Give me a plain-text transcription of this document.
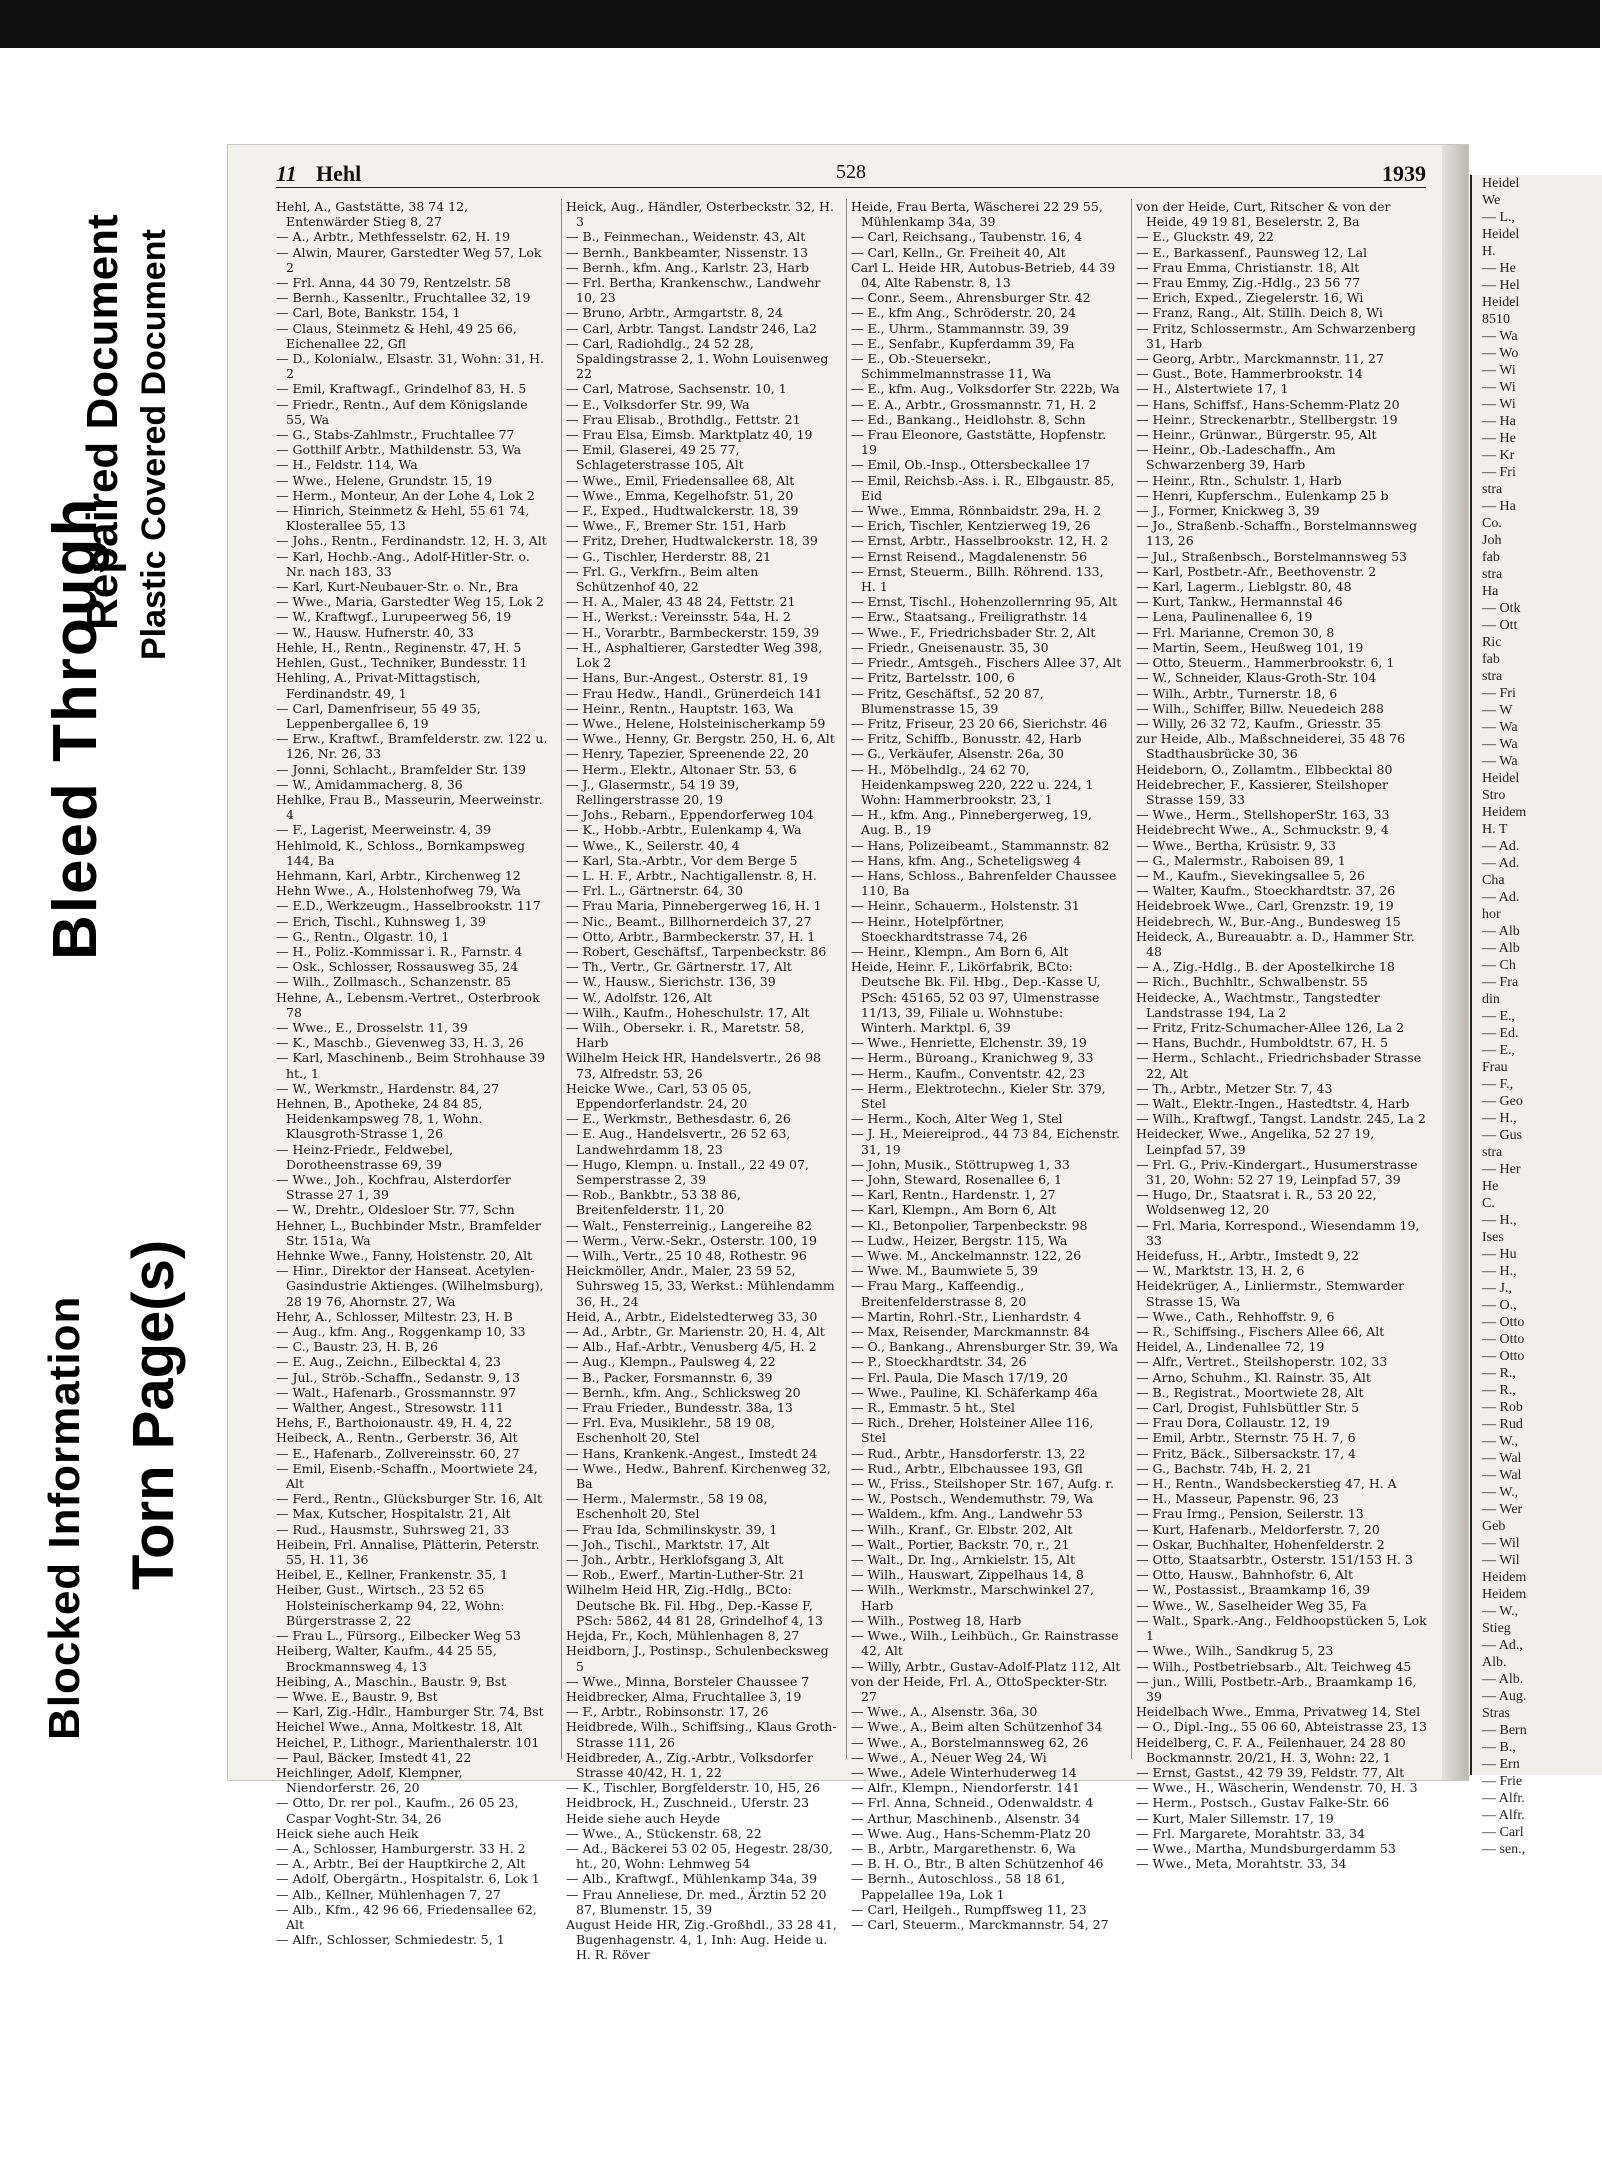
Blocked Information Torn Page(s)
Bleed Through
Repaired Document Plastic Covered Document
11 Hehl	528	1939

Hehl, A., Gaststätte, 38 74 12, Entenwärder Stieg 8, 27

— A., Arbtr., Methfesselstr. 62, H. 19

— Alwin, Maurer, Garstedter Weg 57, Lok 2

— Frl. Anna, 44 30 79, Rentzelstr. 58

— Bernh., Kassenltr., Fruchtallee 32, 19

— Carl, Bote, Bankstr. 154, 1

— Claus, Steinmetz & Hehl, 49 25 66, Eichenallee 22, Gfl

— D., Kolonialw., Elsastr. 31, Wohn: 31, H. 2

— Emil, Kraftwagf., Grindelhof 83, H. 5

— Friedr., Rentn., Auf dem Königslande 55, Wa

— G., Stabs-Zahlmstr., Fruchtallee 77

— Gotthilf Arbtr., Mathildenstr. 53, Wa

— H., Feldstr. 114, Wa

— Wwe., Helene, Grundstr. 15, 19

— Herm., Monteur, An der Lohe 4, Lok 2

— Hinrich, Steinmetz & Hehl, 55 61 74, Klosterallee 55, 13

— Johs., Rentn., Ferdinandstr. 12, H. 3, Alt

— Karl, Hochb.-Ang., Adolf-Hitler-Str. o. Nr. nach 183, 33

— Karl, Kurt-Neubauer-Str. o. Nr., Bra

— Wwe., Maria, Garstedter Weg 15, Lok 2

— W., Kraftwgf., Lurupeerweg 56, 19

— W., Hausw. Hufnerstr. 40, 33

Hehle, H., Rentn., Reginenstr. 47, H. 5

Hehlen, Gust., Techniker, Bundesstr. 11

Hehling, A., Privat-Mittagstisch, Ferdinandstr. 49, 1

— Carl, Damenfriseur, 55 49 35, Leppenbergallee 6, 19

— Erw., Kraftwf., Bramfelderstr. zw. 122 u. 126, Nr. 26, 33

— Jonni, Schlacht., Bramfelder Str. 139

— W., Amidammacherg. 8, 36

Hehlke, Frau B., Masseurin, Meerweinstr. 4

— F., Lagerist, Meerweinstr. 4, 39

Hehlmold, K., Schloss., Bornkampsweg 144, Ba

Hehmann, Karl, Arbtr., Kirchenweg 12

Hehn Wwe., A., Holstenhofweg 79, Wa

— E.D., Werkzeugm., Hasselbrookstr. 117

— Erich, Tischl., Kuhnsweg 1, 39

— G., Rentn., Olgastr. 10, 1

— H., Poliz.-Kommissar i. R., Farnstr. 4

— Osk., Schlosser, Rossausweg 35, 24

— Wilh., Zollmasch., Schanzenstr. 85

Hehne, A., Lebensm.-Vertret., Osterbrook 78

— Wwe., E., Drosselstr. 11, 39

— K., Maschb., Gievenweg 33, H. 3, 26

— Karl, Maschinenb., Beim Strohhause 39 ht., 1

— W., Werkmstr., Hardenstr. 84, 27

Hehnen, B., Apotheke, 24 84 85, Heidenkampsweg 78, 1, Wohn. Klausgroth-Strasse 1, 26

— Heinz-Friedr., Feldwebel, Dorotheenstrasse 69, 39

— Wwe., Joh., Kochfrau, Alsterdorfer Strasse 27 1, 39

— W., Drehtr., Oldesloer Str. 77, Schn

Hehner, L., Buchbinder Mstr., Bramfelder Str. 151a, Wa

Hehnke Wwe., Fanny, Holstenstr. 20, Alt

— Hinr., Direktor der Hanseat. Acetylen-Gasindustrie Aktienges. (Wilhelmsburg), 28 19 76, Ahornstr. 27, Wa

Hehr, A., Schlosser, Miltestr. 23, H. B

— Aug., kfm. Ang., Roggenkamp 10, 33

— C., Baustr. 23, H. B, 26

— E. Aug., Zeichn., Eilbecktal 4, 23

— Jul., Ströb.-Schaffn., Sedanstr. 9, 13

— Walt., Hafenarb., Grossmannstr. 97

— Walther, Angest., Stresowstr. 111

Hehs, F., Barthoionaustr. 49, H. 4, 22

Heibeck, A., Rentn., Gerberstr. 36, Alt

— E., Hafenarb., Zollvereinsstr. 60, 27

— Emil, Eisenb.-Schaffn., Moortwiete 24, Alt

— Ferd., Rentn., Glücksburger Str. 16, Alt

— Max, Kutscher, Hospitalstr. 21, Alt

— Rud., Hausmstr., Suhrsweg 21, 33

Heibein, Frl. Annalise, Plätterin, Peterstr. 55, H. 11, 36

Heibel, E., Kellner, Frankenstr. 35, 1

Heiber, Gust., Wirtsch., 23 52 65 Holsteinischerkamp 94, 22, Wohn: Bürgerstrasse 2, 22

— Frau L., Fürsorg., Eilbecker Weg 53

Heiberg, Walter, Kaufm., 44 25 55, Brockmannsweg 4, 13

Heibing, A., Maschin., Baustr. 9, Bst

— Wwe. E., Baustr. 9, Bst

— Karl, Zig.-Hdlr., Hamburger Str. 74, Bst

Heichel Wwe., Anna, Moltkestr. 18, Alt

Heichel, P., Lithogr., Marienthalerstr. 101

— Paul, Bäcker, Imstedt 41, 22

Heichlinger, Adolf, Klempner, Niendorferstr. 26, 20

— Otto, Dr. rer pol., Kaufm., 26 05 23, Caspar Voght-Str. 34, 26

Heick siehe auch Heik

— A., Schlosser, Hamburgerstr. 33 H. 2

— A., Arbtr., Bei der Hauptkirche 2, Alt

— Adolf, Obergärtn., Hospitalstr. 6, Lok 1

— Alb., Kellner, Mühlenhagen 7, 27

— Alb., Kfm., 42 96 66, Friedensallee 62, Alt

— Alfr., Schlosser, Schmiedestr. 5, 1

Heick, Aug., Händler, Osterbeckstr. 32, H. 3

— B., Feinmechan., Weidenstr. 43, Alt

— Bernh., Bankbeamter, Nissenstr. 13

— Bernh., kfm. Ang., Karlstr. 23, Harb

— Frl. Bertha, Krankenschw., Landwehr 10, 23

— Bruno, Arbtr., Armgartstr. 8, 24

— Carl, Arbtr. Tangst. Landstr 246, La2

— Carl, Radiohdlg., 24 52 28, Spaldingstrasse 2, 1. Wohn Louisenweg 22

— Carl, Matrose, Sachsenstr. 10, 1

— E., Volksdorfer Str. 99, Wa

— Frau Elisab., Brothdlg., Fettstr. 21

— Frau Elsa, Eimsb. Marktplatz 40, 19

— Emil, Glaserei, 49 25 77, Schlageterstrasse 105, Alt

— Wwe., Emil, Friedensallee 68, Alt

— Wwe., Emma, Kegelhofstr. 51, 20

— F., Exped., Hudtwalckerstr. 18, 39

— Wwe., F., Bremer Str. 151, Harb

— Fritz, Dreher, Hudtwalckerstr. 18, 39

— G., Tischler, Herderstr. 88, 21

— Frl. G., Verkfrn., Beim alten Schützenhof 40, 22

— H. A., Maler, 43 48 24, Fettstr. 21

— H., Werkst.: Vereinsstr. 54a, H. 2

— H., Vorarbtr., Barmbeckerstr. 159, 39

— H., Asphaltierer, Garstedter Weg 398, Lok 2

— Hans, Bur.-Angest., Osterstr. 81, 19

— Frau Hedw., Handl., Grünerdeich 141

— Heinr., Rentn., Hauptstr. 163, Wa

— Wwe., Helene, Holsteinischerkamp 59

— Wwe., Henny, Gr. Bergstr. 250, H. 6, Alt

— Henry, Tapezier, Spreenende 22, 20

— Herm., Elektr., Altonaer Str. 53, 6

— J., Glasermstr., 54 19 39, Rellingerstrasse 20, 19

— Johs., Rebarn., Eppendorferweg 104

— K., Hobb.-Arbtr., Eulenkamp 4, Wa

— Wwe., K., Seilerstr. 40, 4

— Karl, Sta.-Arbtr., Vor dem Berge 5

— L. H. F., Arbtr., Nachtigallenstr. 8, H.

— Frl. L., Gärtnerstr. 64, 30

— Frau Maria, Pinnebergerweg 16, H. 1

— Nic., Beamt., Billhornerdeich 37, 27

— Otto, Arbtr., Barmbeckerstr. 37, H. 1

— Robert, Geschäftsf., Tarpenbeckstr. 86

— Th., Vertr., Gr. Gärtnerstr. 17, Alt

— W., Hausw., Sierichstr. 136, 39

— W., Adolfstr. 126, Alt

— Wilh., Kaufm., Hoheschulstr. 17, Alt

— Wilh., Obersekr. i. R., Maretstr. 58, Harb

Wilhelm Heick HR, Handelsvertr., 26 98 73, Alfredstr. 53, 26

Heicke Wwe., Carl, 53 05 05, Eppendorferlandstr. 24, 20

— E., Werkmstr., Bethesdastr. 6, 26

— E. Aug., Handelsvertr., 26 52 63, Landwehrdamm 18, 23

— Hugo, Klempn. u. Install., 22 49 07, Semperstrasse 2, 39

— Rob., Bankbtr., 53 38 86, Breitenfelderstr. 11, 20

— Walt., Fensterreinig., Langereihe 82

— Werm., Verw.-Sekr., Osterstr. 100, 19

— Wilh., Vertr., 25 10 48, Rothestr. 96

Heickmöller, Andr., Maler, 23 59 52, Suhrsweg 15, 33, Werkst.: Mühlendamm 36, H., 24

Heid, A., Arbtr., Eidelstedterweg 33, 30

— Ad., Arbtr., Gr. Marienstr. 20, H. 4, Alt

— Alb., Haf.-Arbtr., Venusberg 4/5, H. 2

— Aug., Klempn., Paulsweg 4, 22

— B., Packer, Forsmannstr. 6, 39

— Bernh., kfm. Ang., Schlicksweg 20

— Frau Frieder., Bundesstr. 38a, 13

— Frl. Eva, Musiklehr., 58 19 08, Eschenholt 20, Stel

— Hans, Krankenk.-Angest., Imstedt 24

— Wwe., Hedw., Bahrenf. Kirchenweg 32, Ba

— Herm., Malermstr., 58 19 08, Eschenholt 20, Stel

— Frau Ida, Schmilinskystr. 39, 1

— Joh., Tischl., Marktstr. 17, Alt

— Joh., Arbtr., Herklofsgang 3, Alt

— Rob., Ewerf., Martin-Luther-Str. 21

Wilhelm Heid HR, Zig.-Hdlg., BCto: Deutsche Bk. Fil. Hbg., Dep.-Kasse F, PSch: 5862, 44 81 28, Grindelhof 4, 13

Hejda, Fr., Koch, Mühlenhagen 8, 27

Heidborn, J., Postinsp., Schulenbecksweg 5

— Wwe., Minna, Borsteler Chaussee 7

Heidbrecker, Alma, Fruchtallee 3, 19

— F., Arbtr., Robinsonstr. 17, 26

Heidbrede, Wilh., Schiffsing., Klaus Groth-Strasse 111, 26

Heidbreder, A., Zig.-Arbtr., Volksdorfer Strasse 40/42, H. 1, 22

— K., Tischler, Borgfelderstr. 10, H5, 26

Heidbrock, H., Zuschneid., Uferstr. 23

Heide siehe auch Heyde

— Wwe., A., Stückenstr. 68, 22

— Ad., Bäckerei 53 02 05, Hegestr. 28/30, ht., 20, Wohn: Lehmweg 54

— Alb., Kraftwgf., Mühlenkamp 34a, 39

— Frau Anneliese, Dr. med., Ärztin 52 20 87, Blumenstr. 15, 39

August Heide HR, Zig.-Großhdl., 33 28 41, Bugenhagenstr. 4, 1, Inh: Aug. Heide u. H. R. Röver

Heide, Frau Berta, Wäscherei 22 29 55, Mühlenkamp 34a, 39

— Carl, Reichsang., Taubenstr. 16, 4

— Carl, Kelln., Gr. Freiheit 40, Alt

Carl L. Heide HR, Autobus-Betrieb, 44 39 04, Alte Rabenstr. 8, 13

— Conr., Seem., Ahrensburger Str. 42

— E., kfm Ang., Schröderstr. 20, 24

— E., Uhrm., Stammannstr. 39, 39

— E., Senfabr., Kupferdamm 39, Fa

— E., Ob.-Steuersekr., Schimmelmannstrasse 11, Wa

— E., kfm. Aug., Volksdorfer Str. 222b, Wa

— E. A., Arbtr., Grossmannstr. 71, H. 2

— Ed., Bankang., Heidlohstr. 8, Schn

— Frau Eleonore, Gaststätte, Hopfenstr. 19

— Emil, Ob.-Insp., Ottersbeckallee 17

— Emil, Reichsb.-Ass. i. R., Elbgaustr. 85, Eid

— Wwe., Emma, Rönnbaidstr. 29a, H. 2

— Erich, Tischler, Kentzierweg 19, 26

— Ernst, Arbtr., Hasselbrookstr. 12, H. 2

— Ernst Reisend., Magdalenenstr. 56

— Ernst, Steuerm., Billh. Röhrend. 133, H. 1

— Ernst, Tischl., Hohenzollernring 95, Alt

— Erw., Staatsang., Freiligrathstr. 14

— Wwe., F., Friedrichsbader Str. 2, Alt

— Friedr., Gneisenaustr. 35, 30

— Friedr., Amtsgeh., Fischers Allee 37, Alt

— Fritz, Bartelsstr. 100, 6

— Fritz, Geschäftsf., 52 20 87, Blumenstrasse 15, 39

— Fritz, Friseur, 23 20 66, Sierichstr. 46

— Fritz, Schiffb., Bonusstr. 42, Harb

— G., Verkäufer, Alsenstr. 26a, 30

— H., Möbelhdlg., 24 62 70, Heidenkampsweg 220, 222 u. 224, 1 Wohn: Hammerbrookstr. 23, 1

— H., kfm. Ang., Pinnebergerweg, 19, Aug. B., 19

— Hans, Polizeibeamt., Stammannstr. 82

— Hans, kfm. Ang., Scheteligsweg 4

— Hans, Schloss., Bahrenfelder Chaussee 110, Ba

— Heinr., Schauerm., Holstenstr. 31

— Heinr., Hotelpförtner, Stoeckhardtstrasse 74, 26

— Heinr., Klempn., Am Born 6, Alt

Heide, Heinr. F., Likörfabrik, BCto: Deutsche Bk. Fil. Hbg., Dep.-Kasse U, PSch: 45165, 52 03 97, Ulmenstrasse 11/13, 39, Filiale u. Wohnstube: Winterh. Marktpl. 6, 39

— Wwe., Henriette, Elchenstr. 39, 19

— Herm., Büroang., Kranichweg 9, 33

— Herm., Kaufm., Conventstr. 42, 23

— Herm., Elektrotechn., Kieler Str. 379, Stel

— Herm., Koch, Alter Weg 1, Stel

— J. H., Meiereiprod., 44 73 84, Eichenstr. 31, 19

— John, Musik., Stöttrupweg 1, 33

— John, Steward, Rosenallee 6, 1

— Karl, Rentn., Hardenstr. 1, 27

— Karl, Klempn., Am Born 6, Alt

— Kl., Betonpolier, Tarpenbeckstr. 98

— Ludw., Heizer, Bergstr. 115, Wa

— Wwe. M., Anckelmannstr. 122, 26

— Wwe. M., Baumwiete 5, 39

— Frau Marg., Kaffeendig., Breitenfelderstrasse 8, 20

— Martin, Rohrl.-Str., Lienhardstr. 4

— Max, Reisender, Marckmannstr. 84

— O., Bankang., Ahrensburger Str. 39, Wa

— P., Stoeckhardtstr. 34, 26

— Frl. Paula, Die Masch 17/19, 20

— Wwe., Pauline, Kl. Schäferkamp 46a

— R., Emmastr. 5 ht., Stel

— Rich., Dreher, Holsteiner Allee 116, Stel

— Rud., Arbtr., Hansdorferstr. 13, 22

— Rud., Arbtr., Elbchaussee 193, Gfl

— W., Friss., Steilshoper Str. 167, Aufg. r.

— W., Postsch., Wendemuthstr. 79, Wa

— Waldem., kfm. Ang., Landwehr 53

— Wilh., Kranf., Gr. Elbstr. 202, Alt

— Walt., Portier, Backstr. 70, r., 21

— Walt., Dr. Ing., Arnkielstr. 15, Alt

— Wilh., Hauswart, Zippelhaus 14, 8

— Wilh., Werkmstr., Marschwinkel 27, Harb

— Wilh., Postweg 18, Harb

— Wwe., Wilh., Leihbüch., Gr. Rainstrasse 42, Alt

— Willy, Arbtr., Gustav-Adolf-Platz 112, Alt

von der Heide, Frl. A., OttoSpeckter-Str. 27

— Wwe., A., Alsenstr. 36a, 30

— Wwe., A., Beim alten Schützenhof 34

— Wwe., A., Borstelmannsweg 62, 26

— Wwe., A., Neuer Weg 24, Wi

— Wwe., Adele Winterhuderweg 14

— Alfr., Klempn., Niendorferstr. 141

— Frl. Anna, Schneid., Odenwaldstr. 4

— Arthur, Maschinenb., Alsenstr. 34

— Wwe. Aug., Hans-Schemm-Platz 20

— B., Arbtr., Margarethenstr. 6, Wa

— B. H. O., Btr., B alten Schützenhof 46

— Bernh., Autoschloss., 58 18 61, Pappelallee 19a, Lok 1

— Carl, Heilgeh., Rumpffsweg 11, 23

— Carl, Steuerm., Marckmannstr. 54, 27

von der Heide, Curt, Ritscher & von der Heide, 49 19 81, Beselerstr. 2, Ba

— E., Gluckstr. 49, 22

— E., Barkassenf., Paunsweg 12, Lal

— Frau Emma, Christianstr. 18, Alt

— Frau Emmy, Zig.-Hdlg., 23 56 77

— Erich, Exped., Ziegelerstr. 16, Wi

— Franz, Rang., Alt. Stillh. Deich 8, Wi

— Fritz, Schlossermstr., Am Schwarzenberg 31, Harb

— Georg, Arbtr., Marckmannstr. 11, 27

— Gust., Bote. Hammerbrookstr. 14

— H., Alstertwiete 17, 1

— Hans, Schiffsf., Hans-Schemm-Platz 20

— Heinr., Streckenarbtr., Stellbergstr. 19

— Heinr., Grünwar., Bürgerstr. 95, Alt

— Heinr., Ob.-Ladeschaffn., Am Schwarzenberg 39, Harb

— Heinr., Rtn., Schulstr. 1, Harb

— Henri, Kupferschm., Eulenkamp 25 b

— J., Former, Knickweg 3, 39

— Jo., Straßenb.-Schaffn., Borstelmannsweg 113, 26

— Jul., Straßenbsch., Borstelmannsweg 53

— Karl, Postbetr.-Afr., Beethovenstr. 2

— Karl, Lagerm., Lieblgstr. 80, 48

— Kurt, Tankw., Hermannstal 46

— Lena, Paulinenallee 6, 19

— Frl. Marianne, Cremon 30, 8

— Martin, Seem., Heußweg 101, 19

— Otto, Steuerm., Hammerbrookstr. 6, 1

— W., Schneider, Klaus-Groth-Str. 104

— Wilh., Arbtr., Turnerstr. 18, 6

— Wilh., Schiffer, Billw. Neuedeich 288

— Willy, 26 32 72, Kaufm., Griesstr. 35

zur Heide, Alb., Maßschneiderei, 35 48 76 Stadthausbrücke 30, 36

Heideborn, O., Zollamtm., Elbbecktal 80

Heidebrecher, F., Kassierer, Steilshoper Strasse 159, 33

— Wwe., Herm., StellshoperStr. 163, 33

Heidebrecht Wwe., A., Schmuckstr. 9, 4

— Wwe., Bertha, Krüsistr. 9, 33

— G., Malermstr., Raboisen 89, 1

— M., Kaufm., Sievekingsallee 5, 26

— Walter, Kaufm., Stoeckhardtstr. 37, 26

Heidebroek Wwe., Carl, Grenzstr. 19, 19

Heidebrech, W., Bur.-Ang., Bundesweg 15

Heideck, A., Bureauabtr. a. D., Hammer Str. 48

— A., Zig.-Hdlg., B. der Apostelkirche 18

— Rich., Buchhltr., Schwalbenstr. 55

Heidecke, A., Wachtmstr., Tangstedter Landstrasse 194, La 2

— Fritz, Fritz-Schumacher-Allee 126, La 2

— Hans, Buchdr., Humboldtstr. 67, H. 5

— Herm., Schlacht., Friedrichsbader Strasse 22, Alt

— Th., Arbtr., Metzer Str. 7, 43

— Walt., Elektr.-Ingen., Hastedtstr. 4, Harb

— Wilh., Kraftwgf., Tangst. Landstr. 245, La 2

Heidecker, Wwe., Angelika, 52 27 19, Leinpfad 57, 39

— Frl. G., Priv.-Kindergart., Husumerstrasse 31, 20, Wohn: 52 27 19, Leinpfad 57, 39

— Hugo, Dr., Staatsrat i. R., 53 20 22, Woldsenweg 12, 20

— Frl. Maria, Korrespond., Wiesendamm 19, 33

Heidefuss, H., Arbtr., Imstedt 9, 22

— W., Marktstr. 13, H. 2, 6

Heidekrüger, A., Linliermstr., Stemwarder Strasse 15, Wa

— Wwe., Cath., Rehhoffstr. 9, 6

— R., Schiffsing., Fischers Allee 66, Alt

Heidel, A., Lindenallee 72, 19

— Alfr., Vertret., Steilshoperstr. 102, 33

— Arno, Schuhm., Kl. Rainstr. 35, Alt

— B., Registrat., Moortwiete 28, Alt

— Carl, Drogist, Fuhlsbüttler Str. 5

— Frau Dora, Collaustr. 12, 19

— Emil, Arbtr., Sternstr. 75 H. 7, 6

— Fritz, Bäck., Silbersackstr. 17, 4

— G., Bachstr. 74b, H. 2, 21

— H., Rentn., Wandsbeckerstieg 47, H. A

— H., Masseur, Papenstr. 96, 23

— Frau Irmg., Pension, Seilerstr. 13

— Kurt, Hafenarb., Meldorferstr. 7, 20

— Oskar, Buchhalter, Hohenfelderstr. 2

— Otto, Staatsarbtr., Osterstr. 151/153 H. 3

— Otto, Hausw., Bahnhofstr. 6, Alt

— W., Postassist., Braamkamp 16, 39

— Wwe., W., Saselheider Weg 35, Fa

— Walt., Spark.-Ang., Feldhoopstücken 5, Lok 1

— Wwe., Wilh., Sandkrug 5, 23

— Wilh., Postbetriebsarb., Alt. Teichweg 45

— jun., Willi, Postbetr.-Arb., Braamkamp 16, 39

Heidelbach Wwe., Emma, Privatweg 14, Stel

— O., Dipl.-Ing., 55 06 60, Abteistrasse 23, 13

Heidelberg, C. F. A., Feilenhauer, 24 28 80 Bockmannstr. 20/21, H. 3, Wohn: 22, 1

— Ernst, Gastst., 42 79 39, Feldstr. 77, Alt

— Wwe., H., Wäscherin, Wendenstr. 70, H. 3

— Herm., Postsch., Gustav Falke-Str. 66

— Kurt, Maler Sillemstr. 17, 19

— Frl. Margarete, Morahtstr. 33, 34

— Wwe., Martha, Mundsburgerdamm 53

— Wwe., Meta, Morahtstr. 33, 34

Heidel
We
— L.,
Heidel
H.
— He
— Hel
Heidel
8510
— Wa
— Wo
— Wi
— Wi
— Wi
— Ha
— He
— Kr
— Fri
stra
— Ha
Co.
Joh
fab
stra
Ha
— Otk
— Ott
Ric
fab
stra
— Fri
— W
— Wa
— Wa
— Wa
Heidel
Stro
Heidem
H. T
— Ad.
— Ad.
Cha
— Ad.
hor
— Alb
— Alb
— Ch
— Fra
din
— E.,
— Ed.
— E.,
Frau
— F.,
— Geo
— H.,
— Gus
stra
— Her
He
C.
— H.,
Ises
— Hu
— H.,
— J.,
— O.,
— Otto
— Otto
— Otto
— R.,
— R.,
— Rob
— Rud
— W.,
— Wal
— Wal
— W.,
— Wer
Geb
— Wil
— Wil
Heidem
Heidem
— W.,
Stieg
— Ad.,
Alb.
— Alb.
— Aug.
Stras
— Bern
— B.,
— Ern
— Frie
— Alfr.
— Alfr.
— Carl
— sen.,
